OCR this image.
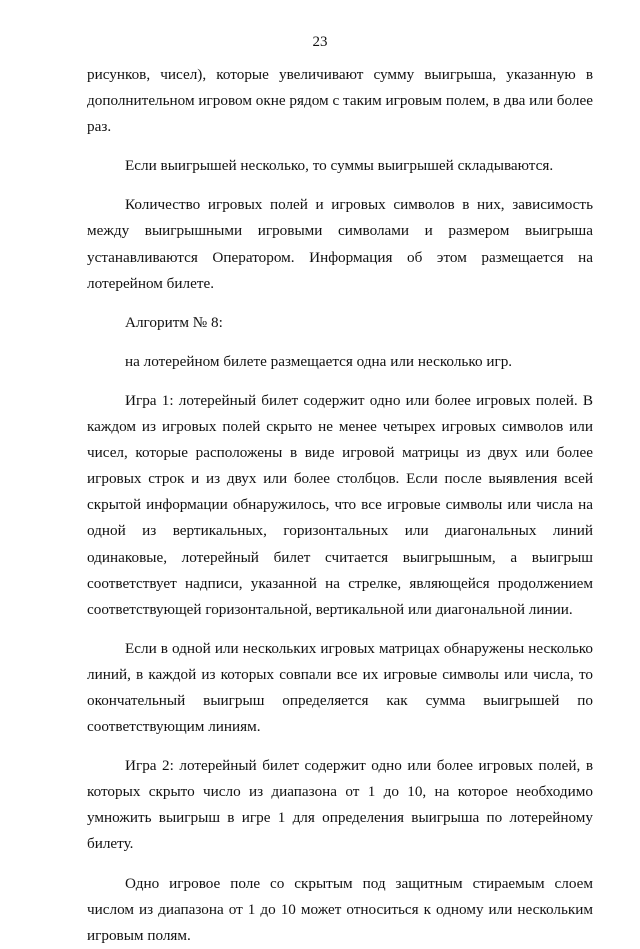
23

рисунков, чисел), которые увеличивают сумму выигрыша, указанную в дополнительном игровом окне рядом с таким игровым полем, в два или более раз.

Если выигрышей несколько, то суммы выигрышей складываются.

Количество игровых полей и игровых символов в них, зависимость между выигрышными игровыми символами и размером выигрыша устанавливаются Оператором. Информация об этом размещается на лотерейном билете.

Алгоритм № 8:

на лотерейном билете размещается одна или несколько игр.

Игра 1: лотерейный билет содержит одно или более игровых полей. В каждом из игровых полей скрыто не менее четырех игровых символов или чисел, которые расположены в виде игровой матрицы из двух или более игровых строк и из двух или более столбцов. Если после выявления всей скрытой информации обнаружилось, что все игровые символы или числа на одной из вертикальных, горизонтальных или диагональных линий одинаковые, лотерейный билет считается выигрышным, а выигрыш соответствует надписи, указанной на стрелке, являющейся продолжением соответствующей горизонтальной, вертикальной или диагональной линии.

Если в одной или нескольких игровых матрицах обнаружены несколько линий, в каждой из которых совпали все их игровые символы или числа, то окончательный выигрыш определяется как сумма выигрышей по соответствующим линиям.

Игра 2: лотерейный билет содержит одно или более игровых полей, в которых скрыто число из диапазона от 1 до 10, на которое необходимо умножить выигрыш в игре 1 для определения выигрыша по лотерейному билету.

Одно игровое поле со скрытым под защитным стираемым слоем числом из диапазона от 1 до 10 может относиться к одному или нескольким игровым полям.
